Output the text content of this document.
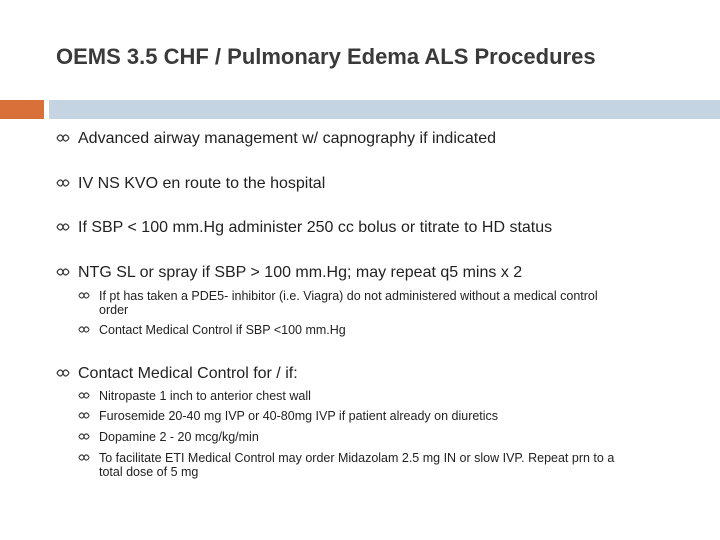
OEMS 3.5 CHF / Pulmonary Edema ALS Procedures
Advanced airway management w/ capnography if indicated
IV NS KVO en route to the hospital
If SBP < 100 mm.Hg administer 250 cc bolus or titrate to HD status
NTG SL or spray if SBP > 100 mm.Hg; may repeat q5 mins x 2
If pt has taken a PDE5- inhibitor (i.e. Viagra) do not administered without a medical control
order
Contact Medical Control if SBP <100 mm.Hg
Contact Medical Control for / if:
Nitropaste 1 inch to anterior chest wall
Furosemide 20-40 mg IVP or 40-80mg IVP if patient already on diuretics
Dopamine 2 - 20 mcg/kg/min
To facilitate ETI Medical Control may order Midazolam 2.5 mg IN or slow IVP. Repeat prn to a
total dose of 5 mg
